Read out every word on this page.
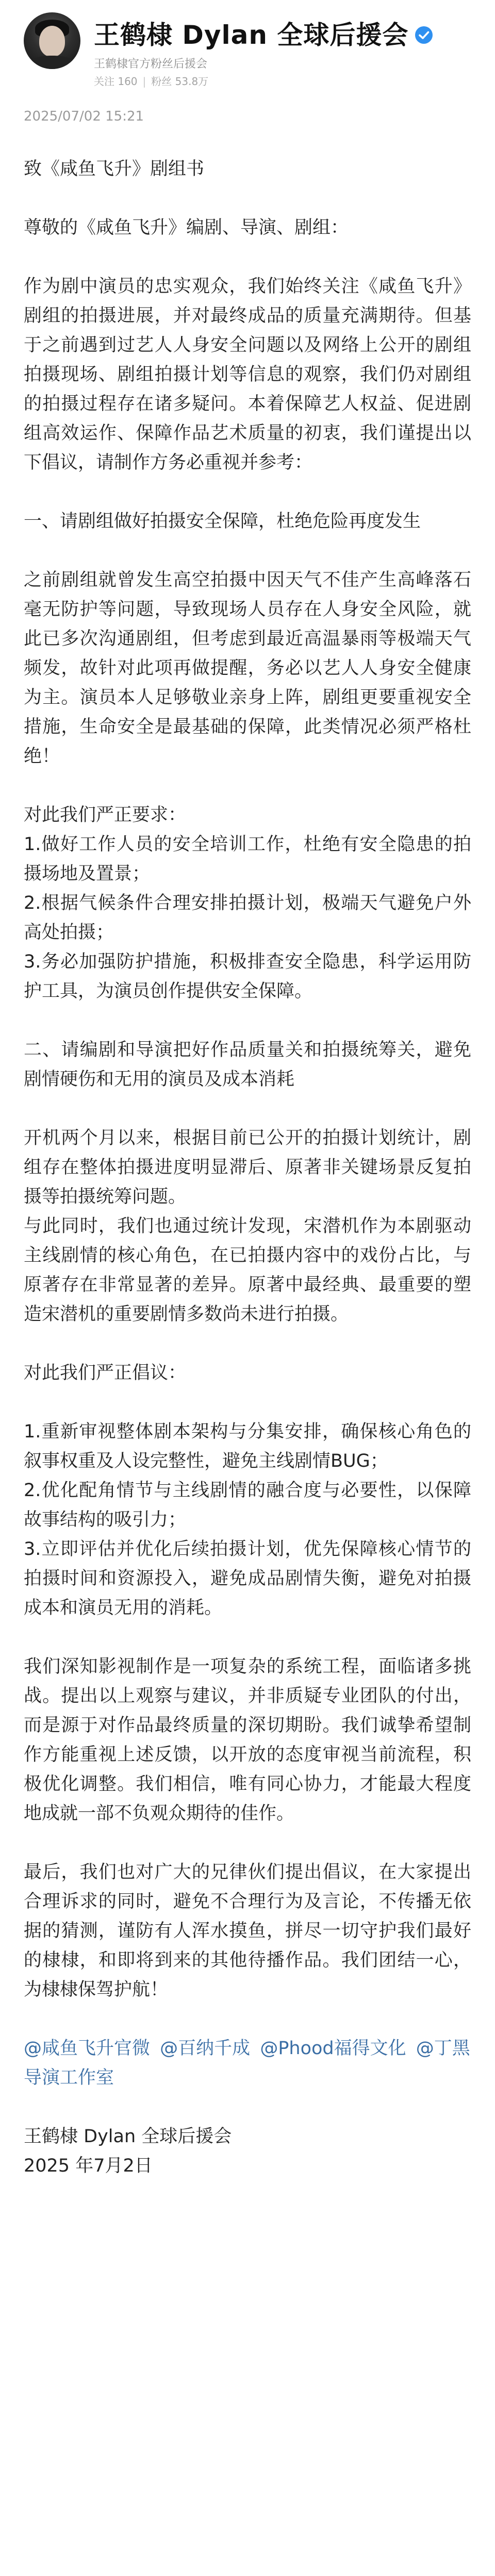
王鹤棣 Dylan 全球后援会
王鹤棣官方粉丝后援会
关注 160 | 粉丝 53.8万
2025/07/02 15:21

致《咸鱼飞升》剧组书

尊敬的《咸鱼飞升》编剧、导演、剧组：

作为剧中演员的忠实观众，我们始终关注《咸鱼飞升》剧组的拍摄进展，并对最终成品的质量充满期待。但基于之前遇到过艺人人身安全问题以及网络上公开的剧组拍摄现场、剧组拍摄计划等信息的观察，我们仍对剧组的拍摄过程存在诸多疑问。本着保障艺人权益、促进剧组高效运作、保障作品艺术质量的初衷，我们谨提出以下倡议，请制作方务必重视并参考：

一、请剧组做好拍摄安全保障，杜绝危险再度发生

之前剧组就曾发生高空拍摄中因天气不佳产生高峰落石毫无防护等问题，导致现场人员存在人身安全风险，就此已多次沟通剧组，但考虑到最近高温暴雨等极端天气频发，故针对此项再做提醒，务必以艺人人身安全健康为主。演员本人足够敬业亲身上阵，剧组更要重视安全措施，生命安全是最基础的保障，此类情况必须严格杜绝！

对此我们严正要求：

1.做好工作人员的安全培训工作，杜绝有安全隐患的拍摄场地及置景；

2.根据气候条件合理安排拍摄计划，极端天气避免户外高处拍摄；

3.务必加强防护措施，积极排查安全隐患，科学运用防护工具，为演员创作提供安全保障。

二、请编剧和导演把好作品质量关和拍摄统筹关，避免剧情硬伤和无用的演员及成本消耗

开机两个月以来，根据目前已公开的拍摄计划统计，剧组存在整体拍摄进度明显滞后、原著非关键场景反复拍摄等拍摄统筹问题。

与此同时，我们也通过统计发现，宋潜机作为本剧驱动主线剧情的核心角色，在已拍摄内容中的戏份占比，与原著存在非常显著的差异。原著中最经典、最重要的塑造宋潜机的重要剧情多数尚未进行拍摄。

对此我们严正倡议：

1.重新审视整体剧本架构与分集安排，确保核心角色的叙事权重及人设完整性，避免主线剧情BUG；

2.优化配角情节与主线剧情的融合度与必要性，以保障故事结构的吸引力；

3.立即评估并优化后续拍摄计划，优先保障核心情节的拍摄时间和资源投入，避免成品剧情失衡，避免对拍摄成本和演员无用的消耗。

我们深知影视制作是一项复杂的系统工程，面临诸多挑战。提出以上观察与建议，并非质疑专业团队的付出，而是源于对作品最终质量的深切期盼。我们诚挚希望制作方能重视上述反馈，以开放的态度审视当前流程，积极优化调整。我们相信，唯有同心协力，才能最大程度地成就一部不负观众期待的佳作。

最后，我们也对广大的兄律伙们提出倡议，在大家提出合理诉求的同时，避免不合理行为及言论，不传播无依据的猜测，谨防有人浑水摸鱼，拼尽一切守护我们最好的棣棣，和即将到来的其他待播作品。我们团结一心，为棣棣保驾护航！

@咸鱼飞升官微 @百纳千成 @Phood福得文化 @丁黑导演工作室
王鹤棣 Dylan 全球后援会
2025 年7月2日
